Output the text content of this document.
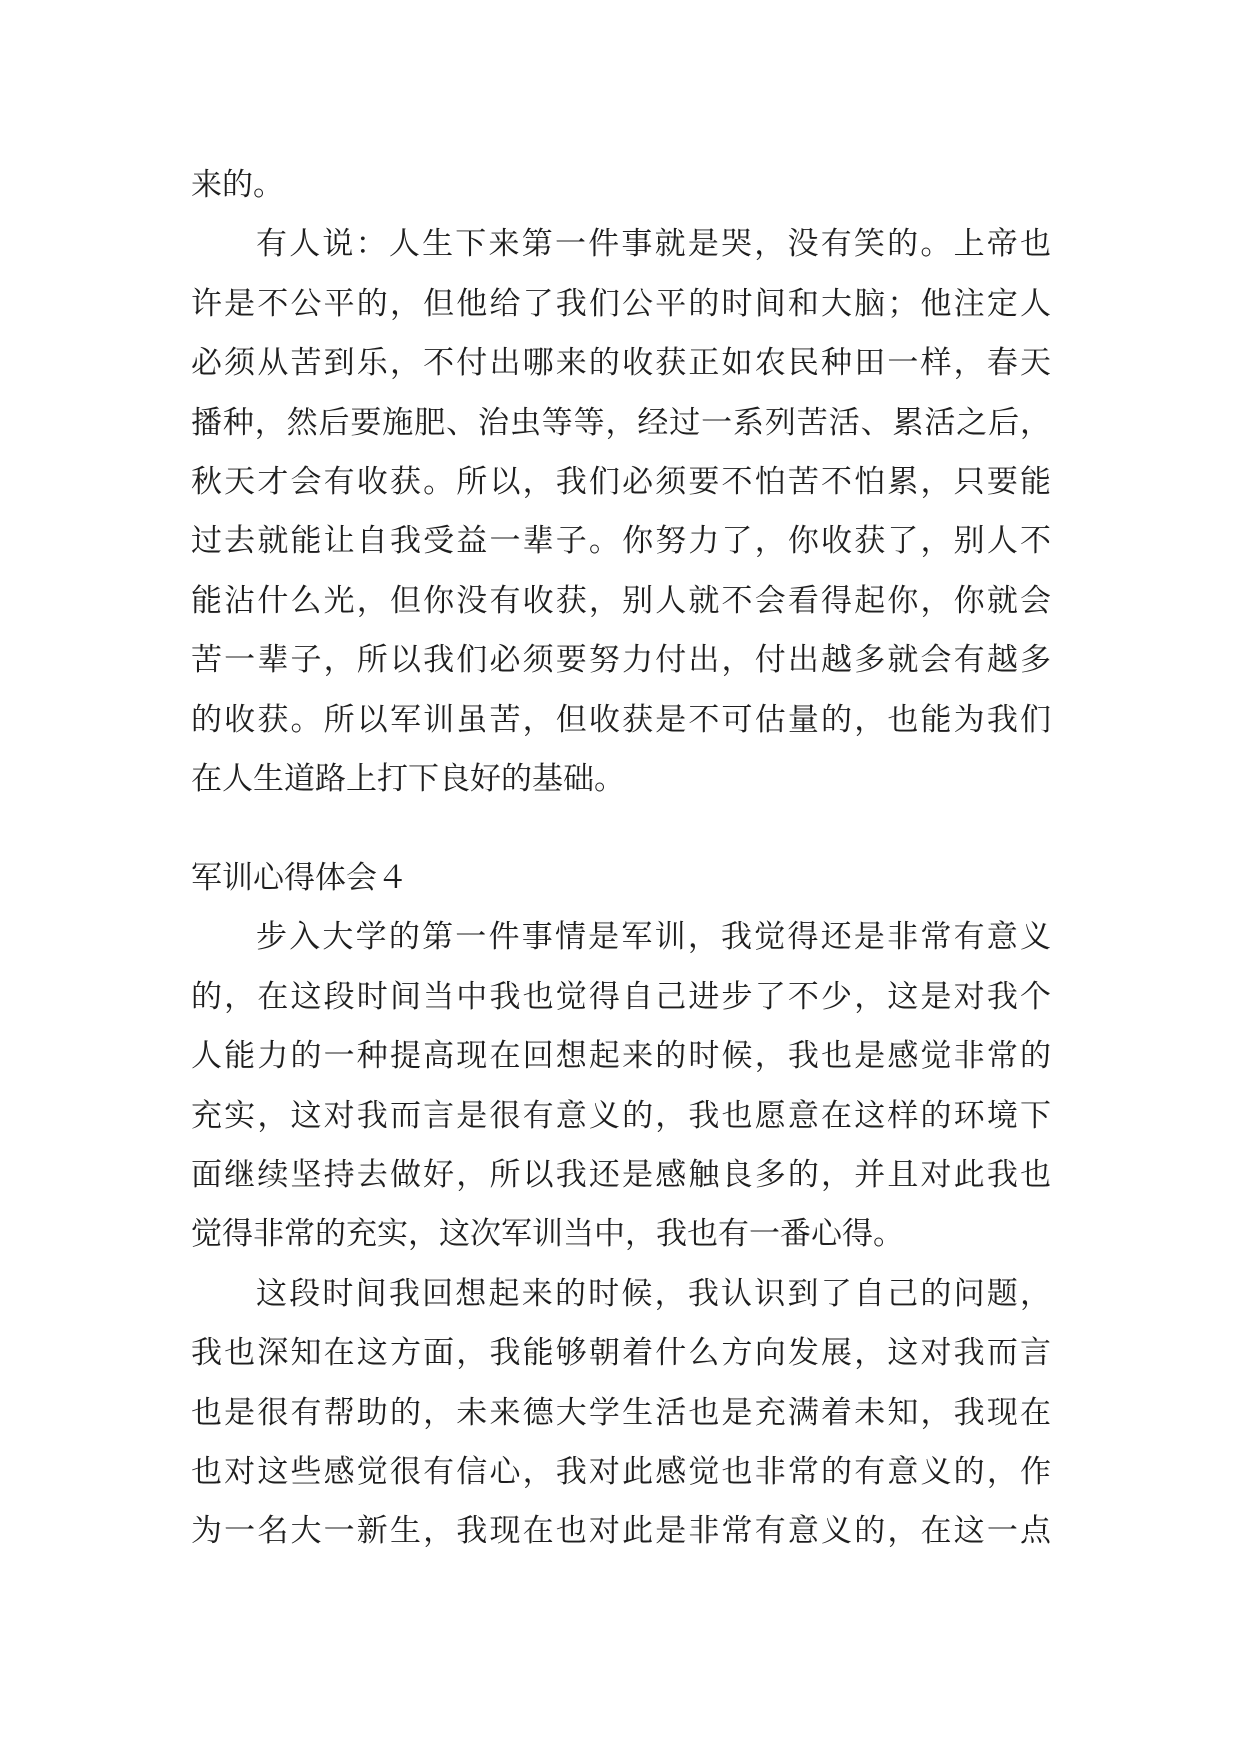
来的。
有人说：人生下来第一件事就是哭，没有笑的。上帝也
许是不公平的，但他给了我们公平的时间和大脑；他注定人
必须从苦到乐，不付出哪来的收获正如农民种田一样，春天
播种，然后要施肥、治虫等等，经过一系列苦活、累活之后，
秋天才会有收获。所以，我们必须要不怕苦不怕累，只要能
过去就能让自我受益一辈子。你努力了，你收获了，别人不
能沾什么光，但你没有收获，别人就不会看得起你，你就会
苦一辈子，所以我们必须要努力付出，付出越多就会有越多
的收获。所以军训虽苦，但收获是不可估量的，也能为我们
在人生道路上打下良好的基础。
军训心得体会４
步入大学的第一件事情是军训，我觉得还是非常有意义
的，在这段时间当中我也觉得自己进步了不少，这是对我个
人能力的一种提高现在回想起来的时候，我也是感觉非常的
充实，这对我而言是很有意义的，我也愿意在这样的环境下
面继续坚持去做好，所以我还是感触良多的，并且对此我也
觉得非常的充实，这次军训当中，我也有一番心得。
这段时间我回想起来的时候，我认识到了自己的问题，
我也深知在这方面，我能够朝着什么方向发展，这对我而言
也是很有帮助的，未来德大学生活也是充满着未知，我现在
也对这些感觉很有信心，我对此感觉也非常的有意义的，作
为一名大一新生，我现在也对此是非常有意义的，在这一点
